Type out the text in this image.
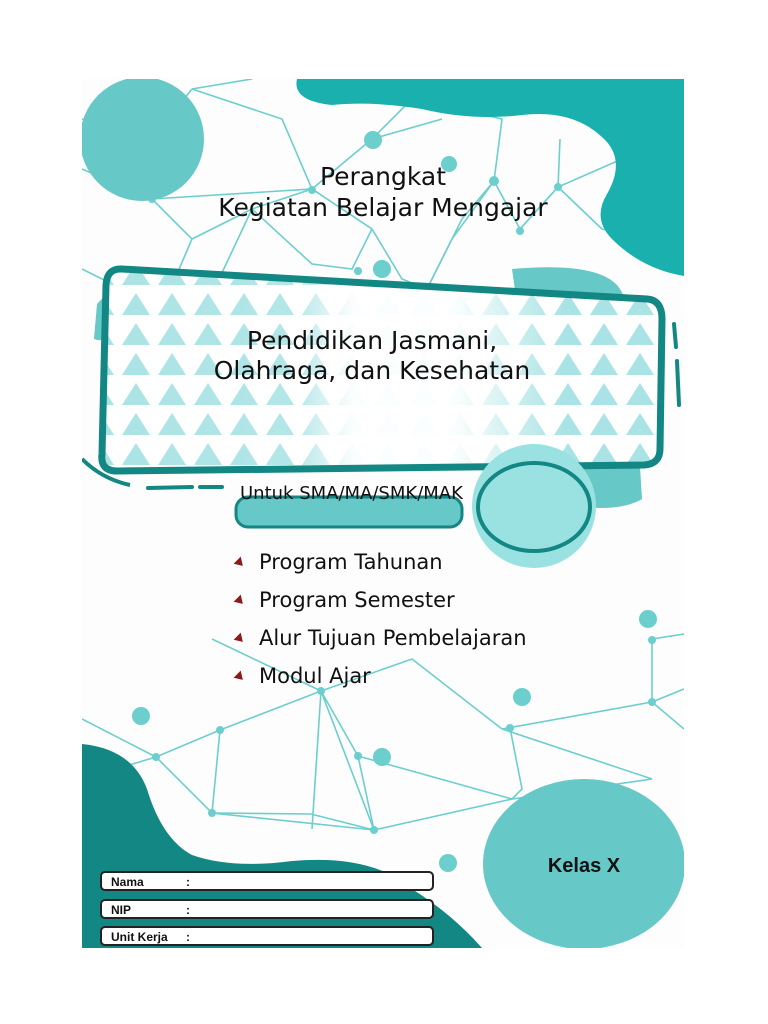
Perangkat
Kegiatan Belajar Mengajar
Pendidikan Jasmani,
Olahraga, dan Kesehatan
Untuk SMA/MA/SMK/MAK
Program Tahunan
Program Semester
Alur Tujuan Pembelajaran
Modul Ajar
Kelas X
Nama	:
NIP	:
Unit Kerja :
